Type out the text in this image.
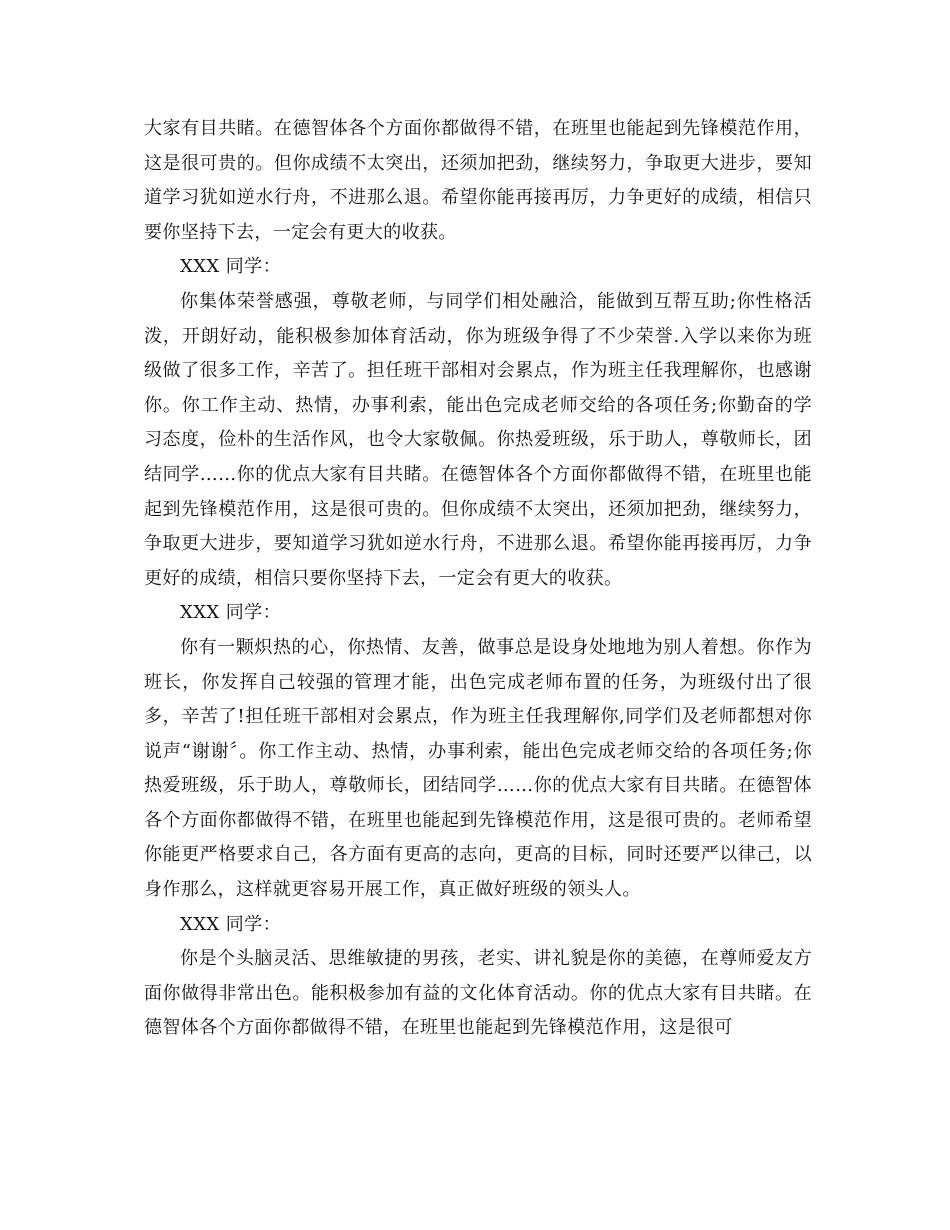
大家有目共睹。在德智体各个方面你都做得不错，在班里也能起到先锋模范作用，这是很可贵的。但你成绩不太突出，还须加把劲，继续努力，争取更大进步，要知道学习犹如逆水行舟，不进那么退。希望你能再接再厉，力争更好的成绩，相信只要你坚持下去，一定会有更大的收获。

XXX 同学：

你集体荣誉感强，尊敬老师，与同学们相处融洽，能做到互帮互助;你性格活泼，开朗好动，能积极参加体育活动，你为班级争得了不少荣誉.入学以来你为班级做了很多工作，辛苦了。担任班干部相对会累点，作为班主任我理解你，也感谢你。你工作主动、热情，办事利索，能出色完成老师交给的各项任务;你勤奋的学习态度，俭朴的生活作风，也令大家敬佩。你热爱班级，乐于助人，尊敬师长，团结同学……你的优点大家有目共睹。在德智体各个方面你都做得不错，在班里也能起到先锋模范作用，这是很可贵的。但你成绩不太突出，还须加把劲，继续努力，争取更大进步，要知道学习犹如逆水行舟，不进那么退。希望你能再接再厉，力争更好的成绩，相信只要你坚持下去，一定会有更大的收获。

XXX 同学：

你有一颗炽热的心，你热情、友善，做事总是设身处地地为别人着想。你作为班长，你发挥自己较强的管理才能，出色完成老师布置的任务，为班级付出了很多，辛苦了!担任班干部相对会累点，作为班主任我理解你,同学们及老师都想对你说声“谢谢〞。你工作主动、热情，办事利索，能出色完成老师交给的各项任务;你热爱班级，乐于助人，尊敬师长，团结同学……你的优点大家有目共睹。在德智体各个方面你都做得不错，在班里也能起到先锋模范作用，这是很可贵的。老师希望你能更严格要求自己，各方面有更高的志向，更高的目标，同时还要严以律己，以身作那么，这样就更容易开展工作，真正做好班级的领头人。

XXX 同学：

你是个头脑灵活、思维敏捷的男孩，老实、讲礼貌是你的美德，在尊师爱友方面你做得非常出色。能积极参加有益的文化体育活动。你的优点大家有目共睹。在德智体各个方面你都做得不错，在班里也能起到先锋模范作用，这是很可
